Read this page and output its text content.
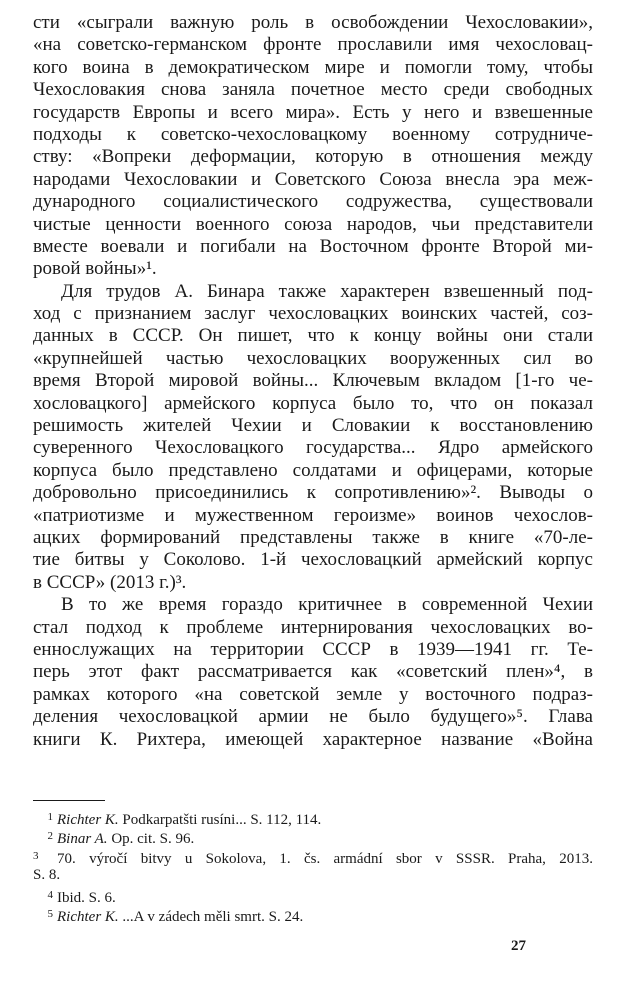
сти «сыграли важную роль в освобождении Чехословакии»,
«на советско-германском фронте прославили имя чехословац-
кого воина в демократическом мире и помогли тому, чтобы
Чехословакия снова заняла почетное место среди свободных
государств Европы и всего мира». Есть у него и взвешенные
подходы к советско-чехословацкому военному сотрудниче-
ству: «Вопреки деформации, которую в отношения между
народами Чехословакии и Советского Союза внесла эра меж-
дународного социалистического содружества, существовали
чистые ценности военного союза народов, чьи представители
вместе воевали и погибали на Восточном фронте Второй ми-
ровой войны»¹.
Для трудов А. Бинара также характерен взвешенный под-
ход с признанием заслуг чехословацких воинских частей, соз-
данных в СССР. Он пишет, что к концу войны они стали
«крупнейшей частью чехословацких вооруженных сил во
время Второй мировой войны... Ключевым вкладом [1-го че-
хословацкого] армейского корпуса было то, что он показал
решимость жителей Чехии и Словакии к восстановлению
суверенного Чехословацкого государства... Ядро армейского
корпуса было представлено солдатами и офицерами, которые
добровольно присоединились к сопротивлению»². Выводы о
«патриотизме и мужественном героизме» воинов чехослов-
ацких формирований представлены также в книге «70-ле-
тие битвы у Соколово. 1-й чехословацкий армейский корпус
в СССР» (2013 г.)³.
В то же время гораздо критичнее в современной Чехии
стал подход к проблеме интернирования чехословацких во-
еннослужащих на территории СССР в 1939—1941 гг. Те-
перь этот факт рассматривается как «советский плен»⁴, в
рамках которого «на советской земле у восточного подраз-
деления чехословацкой армии не было будущего»⁵. Глава
книги К. Рихтера, имеющей характерное название «Война
1 Richter K. Podkarpatšti rusíni... S. 112, 114.
2 Binar A. Op. cit. S. 96.
3 70. výročí bitvy u Sokolova, 1. čs. armádní sbor v SSSR. Praha, 2013.
S. 8.
4 Ibid. S. 6.
5 Richter K. ...A v zádech měli smrt. S. 24.
27
